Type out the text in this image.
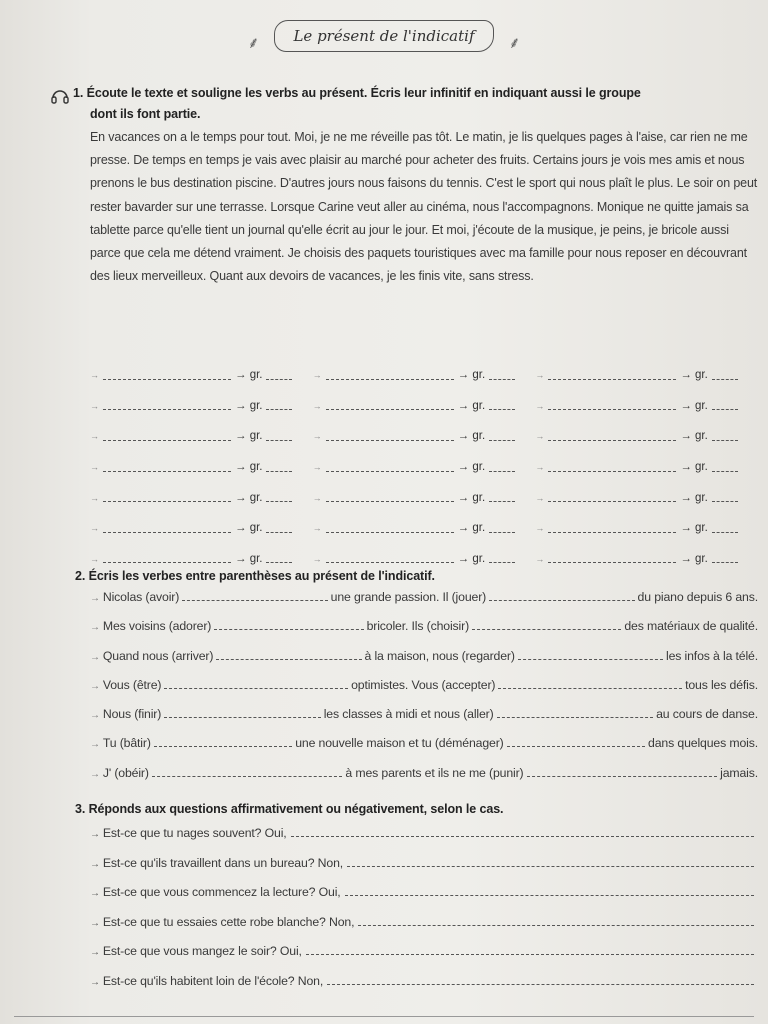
⸙ Le présent de l'indicatif ⸙
1. Écoute le texte et souligne les verbs au présent. Écris leur infinitif en indiquant aussi le groupe
dont ils font partie.
En vacances on a le temps pour tout. Moi, je ne me réveille pas tôt. Le matin, je lis quelques pages à l'aise, car rien ne me presse. De temps en temps je vais avec plaisir au marché pour acheter des fruits. Certains jours je vois mes amis et nous prenons le bus destination piscine. D'autres jours nous faisons du tennis. C'est le sport qui nous plaît le plus. Le soir on peut rester bavarder sur une terrasse. Lorsque Carine veut aller au cinéma, nous l'accompagnons. Monique ne quitte jamais sa tablette parce qu'elle tient un journal qu'elle écrit au jour le jour. Et moi, j'écoute de la musique, je peins, je bricole aussi parce que cela me détend vraiment. Je choisis des paquets touristiques avec ma famille pour nous reposer en découvrant des lieux merveilleux. Quant aux devoirs de vacances, je les finis vite, sans stress.
→	→ gr.	→	→ gr.	→	→ gr.
→	→ gr.	→	→ gr.	→	→ gr.
→	→ gr.	→	→ gr.	→	→ gr.
→	→ gr.	→	→ gr.	→	→ gr.
→	→ gr.	→	→ gr.	→	→ gr.
→	→ gr.	→	→ gr.	→	→ gr.
→	→ gr.	→	→ gr.	→	→ gr.
2. Écris les verbes entre parenthèses au présent de l'indicatif.
→ Nicolas (avoir)	une grande passion. Il (jouer)	du piano depuis 6 ans.
→ Mes voisins (adorer)	bricoler. Ils (choisir)	des matériaux de qualité.
→ Quand nous (arriver)	à la maison, nous (regarder)	les infos à la télé.
→ Vous (être)	optimistes. Vous (accepter)	tous les défis.
→ Nous (finir)	les classes à midi et nous (aller)	au cours de danse.
→ Tu (bâtir)	une nouvelle maison et tu (déménager)	dans quelques mois.
→ J' (obéir)	à mes parents et ils ne me (punir)	jamais.
3. Réponds aux questions affirmativement ou négativement, selon le cas.
→ Est-ce que tu nages souvent? Oui,
→ Est-ce qu'ils travaillent dans un bureau? Non,
→ Est-ce que vous commencez la lecture? Oui,
→ Est-ce que tu essaies cette robe blanche? Non,
→ Est-ce que vous mangez le soir? Oui,
→ Est-ce qu'ils habitent loin de l'école? Non,
